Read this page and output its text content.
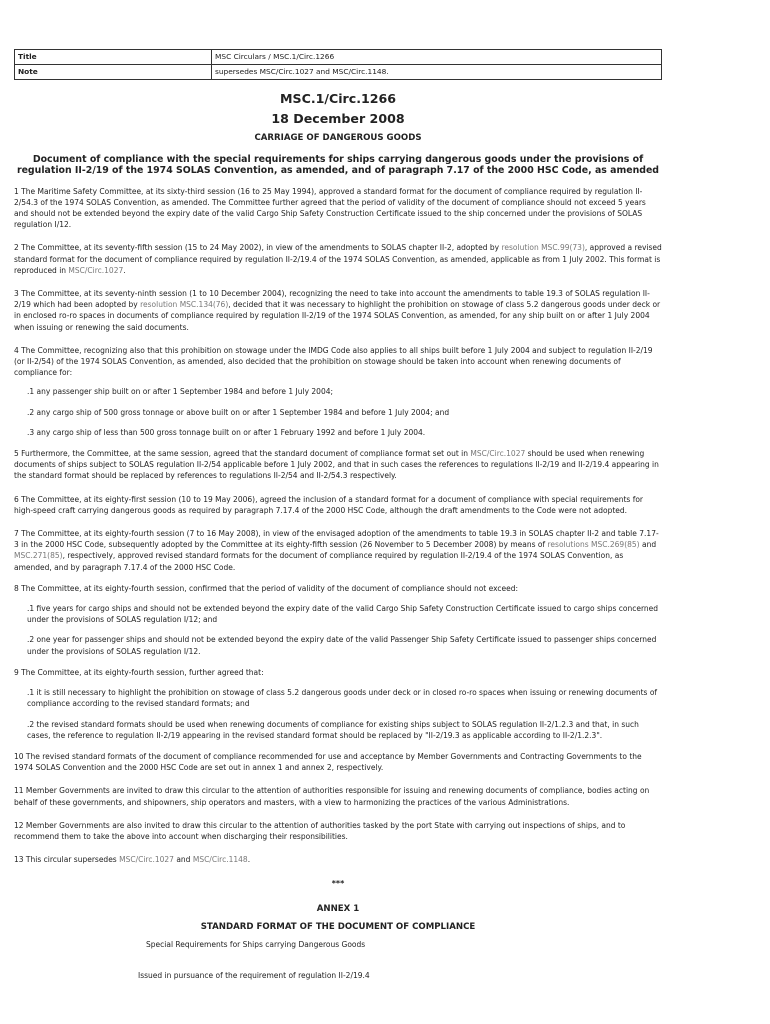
Title	MSC Circulars / MSC.1/Circ.1266
Note	supersedes MSC/Circ.1027 and MSC/Circ.1148.
MSC.1/Circ.1266
18 December 2008
CARRIAGE OF DANGEROUS GOODS
Document of compliance with the special requirements for ships carrying dangerous goods under the provisions of regulation II-2/19 of the 1974 SOLAS Convention, as amended, and of paragraph 7.17 of the 2000 HSC Code, as amended

1 The Maritime Safety Committee, at its sixty-third session (16 to 25 May 1994), approved a standard format for the document of compliance required by regulation II-2/54.3 of the 1974 SOLAS Convention, as amended. The Committee further agreed that the period of validity of the document of compliance should not exceed 5 years and should not be extended beyond the expiry date of the valid Cargo Ship Safety Construction Certificate issued to the ship concerned under the provisions of SOLAS regulation I/12.

2 The Committee, at its seventy-fifth session (15 to 24 May 2002), in view of the amendments to SOLAS chapter II-2, adopted by resolution MSC.99(73), approved a revised standard format for the document of compliance required by regulation II-2/19.4 of the 1974 SOLAS Convention, as amended, applicable as from 1 July 2002. This format is reproduced in MSC/Circ.1027.

3 The Committee, at its seventy-ninth session (1 to 10 December 2004), recognizing the need to take into account the amendments to table 19.3 of SOLAS regulation II-2/19 which had been adopted by resolution MSC.134(76), decided that it was necessary to highlight the prohibition on stowage of class 5.2 dangerous goods under deck or in enclosed ro-ro spaces in documents of compliance required by regulation II-2/19 of the 1974 SOLAS Convention, as amended, for any ship built on or after 1 July 2004 when issuing or renewing the said documents.

4 The Committee, recognizing also that this prohibition on stowage under the IMDG Code also applies to all ships built before 1 July 2004 and subject to regulation II-2/19 (or II-2/54) of the 1974 SOLAS Convention, as amended, also decided that the prohibition on stowage should be taken into account when renewing documents of compliance for:

.1 any passenger ship built on or after 1 September 1984 and before 1 July 2004;

.2 any cargo ship of 500 gross tonnage or above built on or after 1 September 1984 and before 1 July 2004; and

.3 any cargo ship of less than 500 gross tonnage built on or after 1 February 1992 and before 1 July 2004.

5 Furthermore, the Committee, at the same session, agreed that the standard document of compliance format set out in MSC/Circ.1027 should be used when renewing documents of ships subject to SOLAS regulation II-2/54 applicable before 1 July 2002, and that in such cases the references to regulations II-2/19 and II-2/19.4 appearing in the standard format should be replaced by references to regulations II-2/54 and II-2/54.3 respectively.

6 The Committee, at its eighty-first session (10 to 19 May 2006), agreed the inclusion of a standard format for a document of compliance with special requirements for high-speed craft carrying dangerous goods as required by paragraph 7.17.4 of the 2000 HSC Code, although the draft amendments to the Code were not adopted.

7 The Committee, at its eighty-fourth session (7 to 16 May 2008), in view of the envisaged adoption of the amendments to table 19.3 in SOLAS chapter II-2 and table 7.17-3 in the 2000 HSC Code, subsequently adopted by the Committee at its eighty-fifth session (26 November to 5 December 2008) by means of resolutions MSC.269(85) and MSC.271(85), respectively, approved revised standard formats for the document of compliance required by regulation II-2/19.4 of the 1974 SOLAS Convention, as amended, and by paragraph 7.17.4 of the 2000 HSC Code.

8 The Committee, at its eighty-fourth session, confirmed that the period of validity of the document of compliance should not exceed:

.1 five years for cargo ships and should not be extended beyond the expiry date of the valid Cargo Ship Safety Construction Certificate issued to cargo ships concerned under the provisions of SOLAS regulation I/12; and

.2 one year for passenger ships and should not be extended beyond the expiry date of the valid Passenger Ship Safety Certificate issued to passenger ships concerned under the provisions of SOLAS regulation I/12.

9 The Committee, at its eighty-fourth session, further agreed that:

.1 it is still necessary to highlight the prohibition on stowage of class 5.2 dangerous goods under deck or in closed ro-ro spaces when issuing or renewing documents of compliance according to the revised standard formats; and

.2 the revised standard formats should be used when renewing documents of compliance for existing ships subject to SOLAS regulation II-2/1.2.3 and that, in such cases, the reference to regulation II-2/19 appearing in the revised standard format should be replaced by "II-2/19.3 as applicable according to II-2/1.2.3".

10 The revised standard formats of the document of compliance recommended for use and acceptance by Member Governments and Contracting Governments to the 1974 SOLAS Convention and the 2000 HSC Code are set out in annex 1 and annex 2, respectively.

11 Member Governments are invited to draw this circular to the attention of authorities responsible for issuing and renewing documents of compliance, bodies acting on behalf of these governments, and shipowners, ship operators and masters, with a view to harmonizing the practices of the various Administrations.

12 Member Governments are also invited to draw this circular to the attention of authorities tasked by the port State with carrying out inspections of ships, and to recommend them to take the above into account when discharging their responsibilities.

13 This circular supersedes MSC/Circ.1027 and MSC/Circ.1148.

***
ANNEX 1
STANDARD FORMAT OF THE DOCUMENT OF COMPLIANCE
Special Requirements for Ships carrying Dangerous Goods
Issued in pursuance of the requirement of regulation II-2/19.4
